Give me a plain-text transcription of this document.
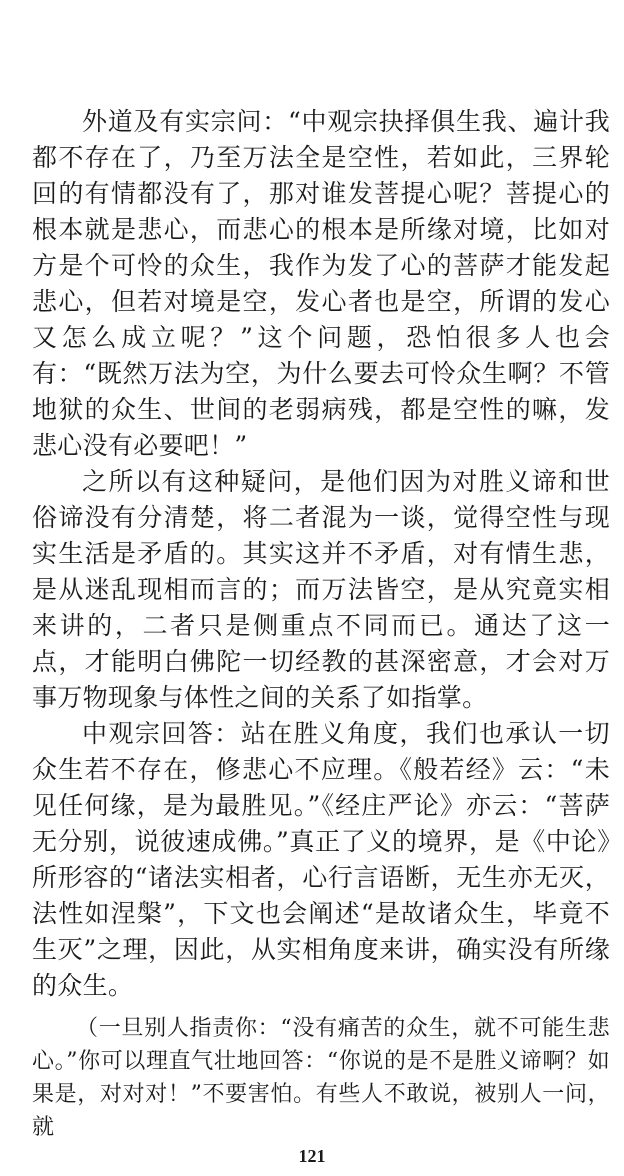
外道及有实宗问：“中观宗抉择俱生我、遍计我都不存在了，乃至万法全是空性，若如此，三界轮回的有情都没有了，那对谁发菩提心呢？菩提心的根本就是悲心，而悲心的根本是所缘对境，比如对方是个可怜的众生，我作为发了心的菩萨才能发起悲心，但若对境是空，发心者也是空，所谓的发心又怎么成立呢？”这个问题，恐怕很多人也会有：“既然万法为空，为什么要去可怜众生啊？不管地狱的众生、世间的老弱病残，都是空性的嘛，发悲心没有必要吧！”

之所以有这种疑问，是他们因为对胜义谛和世俗谛没有分清楚，将二者混为一谈，觉得空性与现实生活是矛盾的。其实这并不矛盾，对有情生悲，是从迷乱现相而言的；而万法皆空，是从究竟实相来讲的，二者只是侧重点不同而已。通达了这一点，才能明白佛陀一切经教的甚深密意，才会对万事万物现象与体性之间的关系了如指掌。

中观宗回答：站在胜义角度，我们也承认一切众生若不存在，修悲心不应理。《般若经》云：“未见任何缘，是为最胜见。”《经庄严论》亦云：“菩萨无分别，说彼速成佛。”真正了义的境界，是《中论》所形容的“诸法实相者，心行言语断，无生亦无灭，法性如涅槃”，下文也会阐述“是故诸众生，毕竟不生灭”之理，因此，从实相角度来讲，确实没有所缘的众生。

（一旦别人指责你：“没有痛苦的众生，就不可能生悲心。”你可以理直气壮地回答：“你说的是不是胜义谛啊？如果是，对对对！”不要害怕。有些人不敢说，被别人一问，就

121
